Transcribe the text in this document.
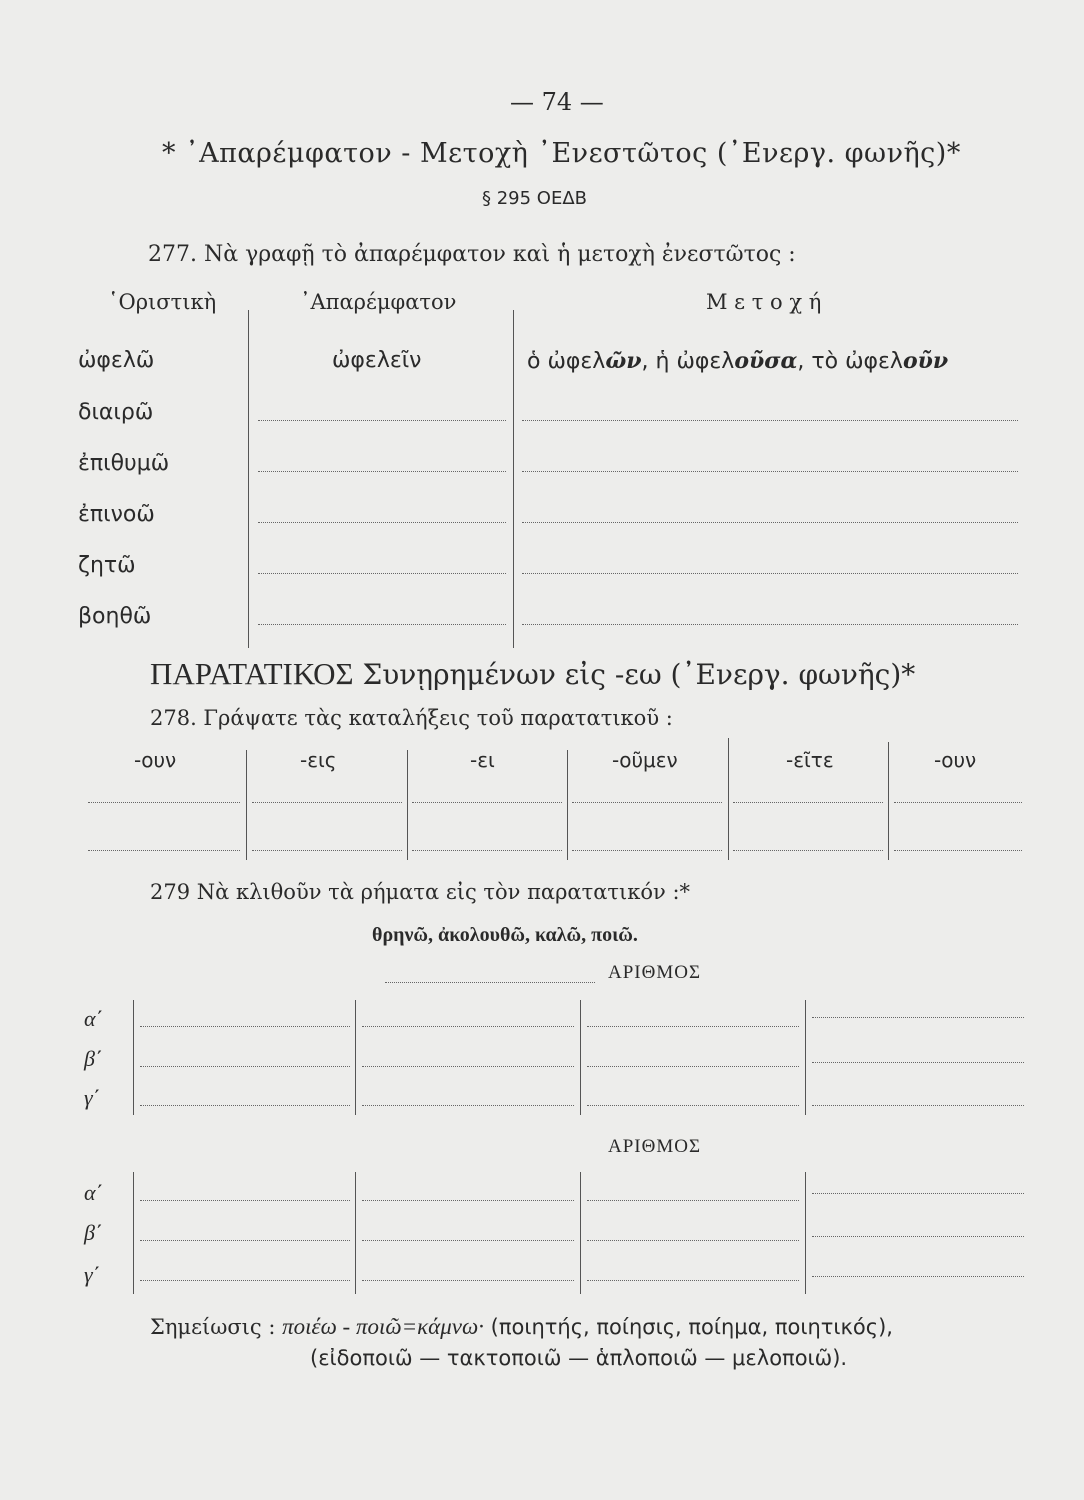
— 74 —
* ᾿Απαρέμφατον - Μετοχὴ ᾿Ενεστῶτος (᾿Ενεργ. φωνῆς)*
§ 295 ΟΕΔΒ
277. Νὰ γραφῇ τὸ ἀπαρέμφατον καὶ ἡ μετοχὴ ἐνεστῶτος :
῾Οριστικὴ	᾿Απαρέμφατον	Μ ε τ ο χ ή
ὠφελῶ	ὠφελεῖν	ὁ ὠφελῶν, ἡ ὠφελοῦσα, τὸ ὠφελοῦν
διαιρῶ
ἐπιθυμῶ
ἐπινοῶ
ζητῶ
βοηθῶ
ΠΑΡΑΤΑΤΙΚΟΣ Συνῃρημένων εἰς -εω (᾿Ενεργ. φωνῆς)*
278. Γράψατε τὰς καταλήξεις τοῦ παρατατικοῦ :
-ουν	-εις	-ει	-οῦμεν	-εῖτε	-ουν
279 Νὰ κλιθοῦν τὰ ρήματα εἰς τὸν παρατατικόν :*
θρηνῶ, ἀκολουθῶ, καλῶ, ποιῶ.
ΑΡΙΘΜΟΣ
α΄
β΄
γ΄
ΑΡΙΘΜΟΣ
α΄
β΄
γ΄
Σημείωσις : ποιέω - ποιῶ=κάμνω· (ποιητής, ποίησις, ποίημα, ποιητικός),
(εἰδοποιῶ — τακτοποιῶ — ἁπλοποιῶ — μελοποιῶ).
